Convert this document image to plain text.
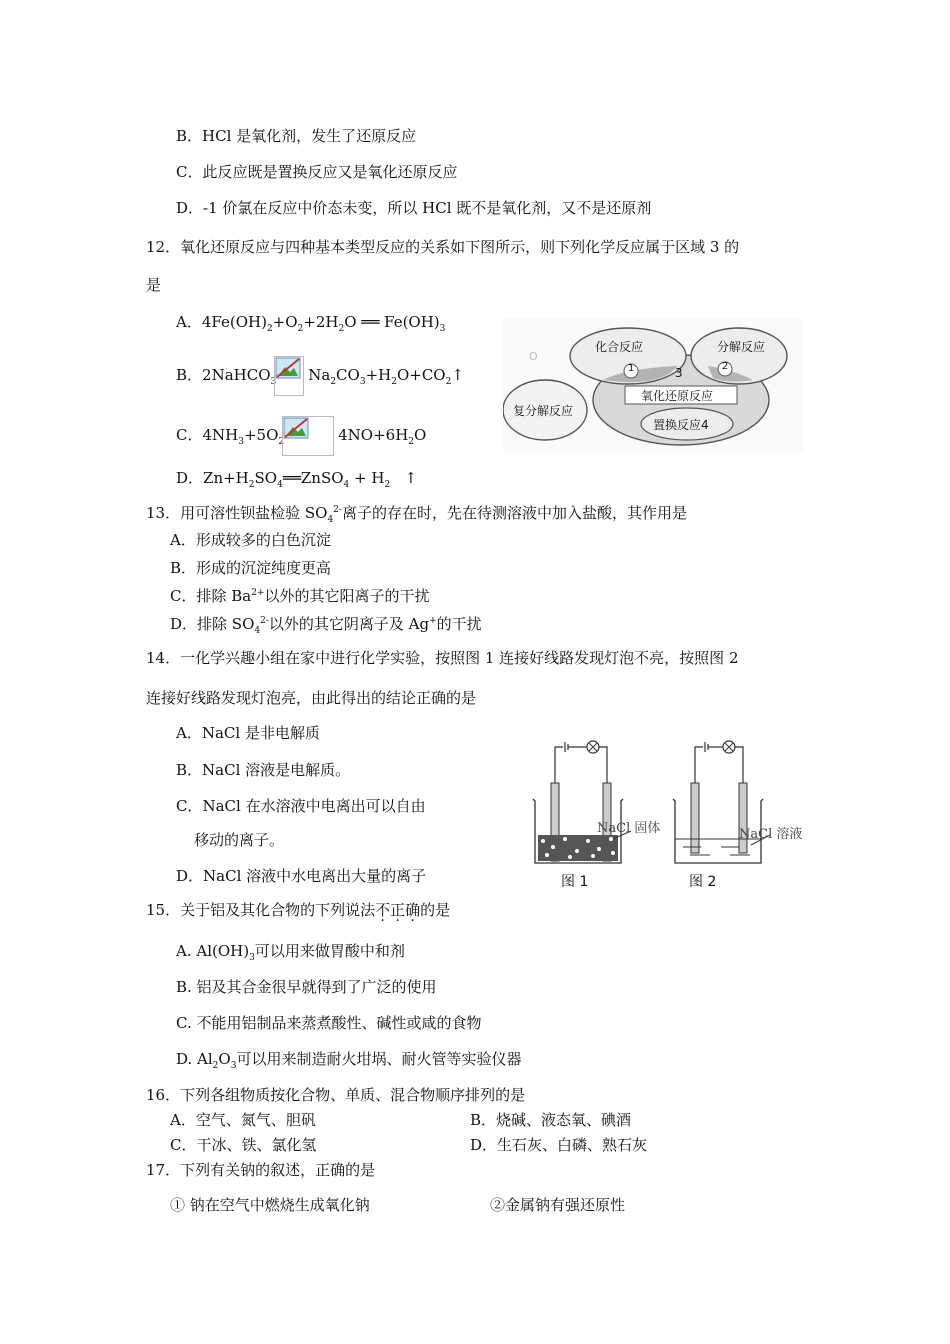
B．HCl 是氧化剂，发生了还原反应
C．此反应既是置换反应又是氧化还原反应
D．-1 价氯在反应中价态未变，所以 HCl 既不是氧化剂，又不是还原剂
12．氧化还原反应与四种基本类型反应的关系如下图所示，则下列化学反应属于区域 3 的
是
A．$4Fe(OH)_2+O_2+2H_2O$ ══ $Fe(OH)_3$
B．2NaHCO$_3$ $Na_2CO_3+H_2O+CO_2↑$
C．$4NH_3+5O_2$	$4NO+6H_2O$
D．$Zn+H_2SO_4══ZnSO_4 + H_2$ ↑
O
化合反应	分解反应
复分解反应
氧化还原反应
置换反应4
1	2
3
13．用可溶性钡盐检验 $SO_4^{2-}$离子的存在时，先在待测溶液中加入盐酸，其作用是
A．形成较多的白色沉淀
B．形成的沉淀纯度更高
C．排除 $Ba^{2+}$以外的其它阳离子的干扰
D．排除 $SO_4^{2-}$以外的其它阴离子及 Ag+的干扰
14．一化学兴趣小组在家中进行化学实验，按照图 1 连接好线路发现灯泡不亮，按照图 2
连接好线路发现灯泡亮，由此得出的结论正确的是
A．NaCl 是非电解质
B．NaCl 溶液是电解质。
C．NaCl 在水溶液中电离出可以自由
移动的离子。
D．NaCl 溶液中水电离出大量的离子
NaCl 固体	NaCl 溶液
图 1	图 2
15．关于铝及其化合物的下列说法不正确的是
A. $Al(OH)_3$可以用来做胃酸中和剂
B. 铝及其合金很早就得到了广泛的使用
C. 不能用铝制品来蒸煮酸性、碱性或咸的食物
D. $Al_2O_3$可以用来制造耐火坩埚、耐火管等实验仪器
16．下列各组物质按化合物、单质、混合物顺序排列的是
A．空气、氮气、胆矾	B．烧碱、液态氧、碘酒
C．干冰、铁、氯化氢	D．生石灰、白磷、熟石灰
17．下列有关钠的叙述，正确的是
① 钠在空气中燃烧生成氧化钠	②金属钠有强还原性
